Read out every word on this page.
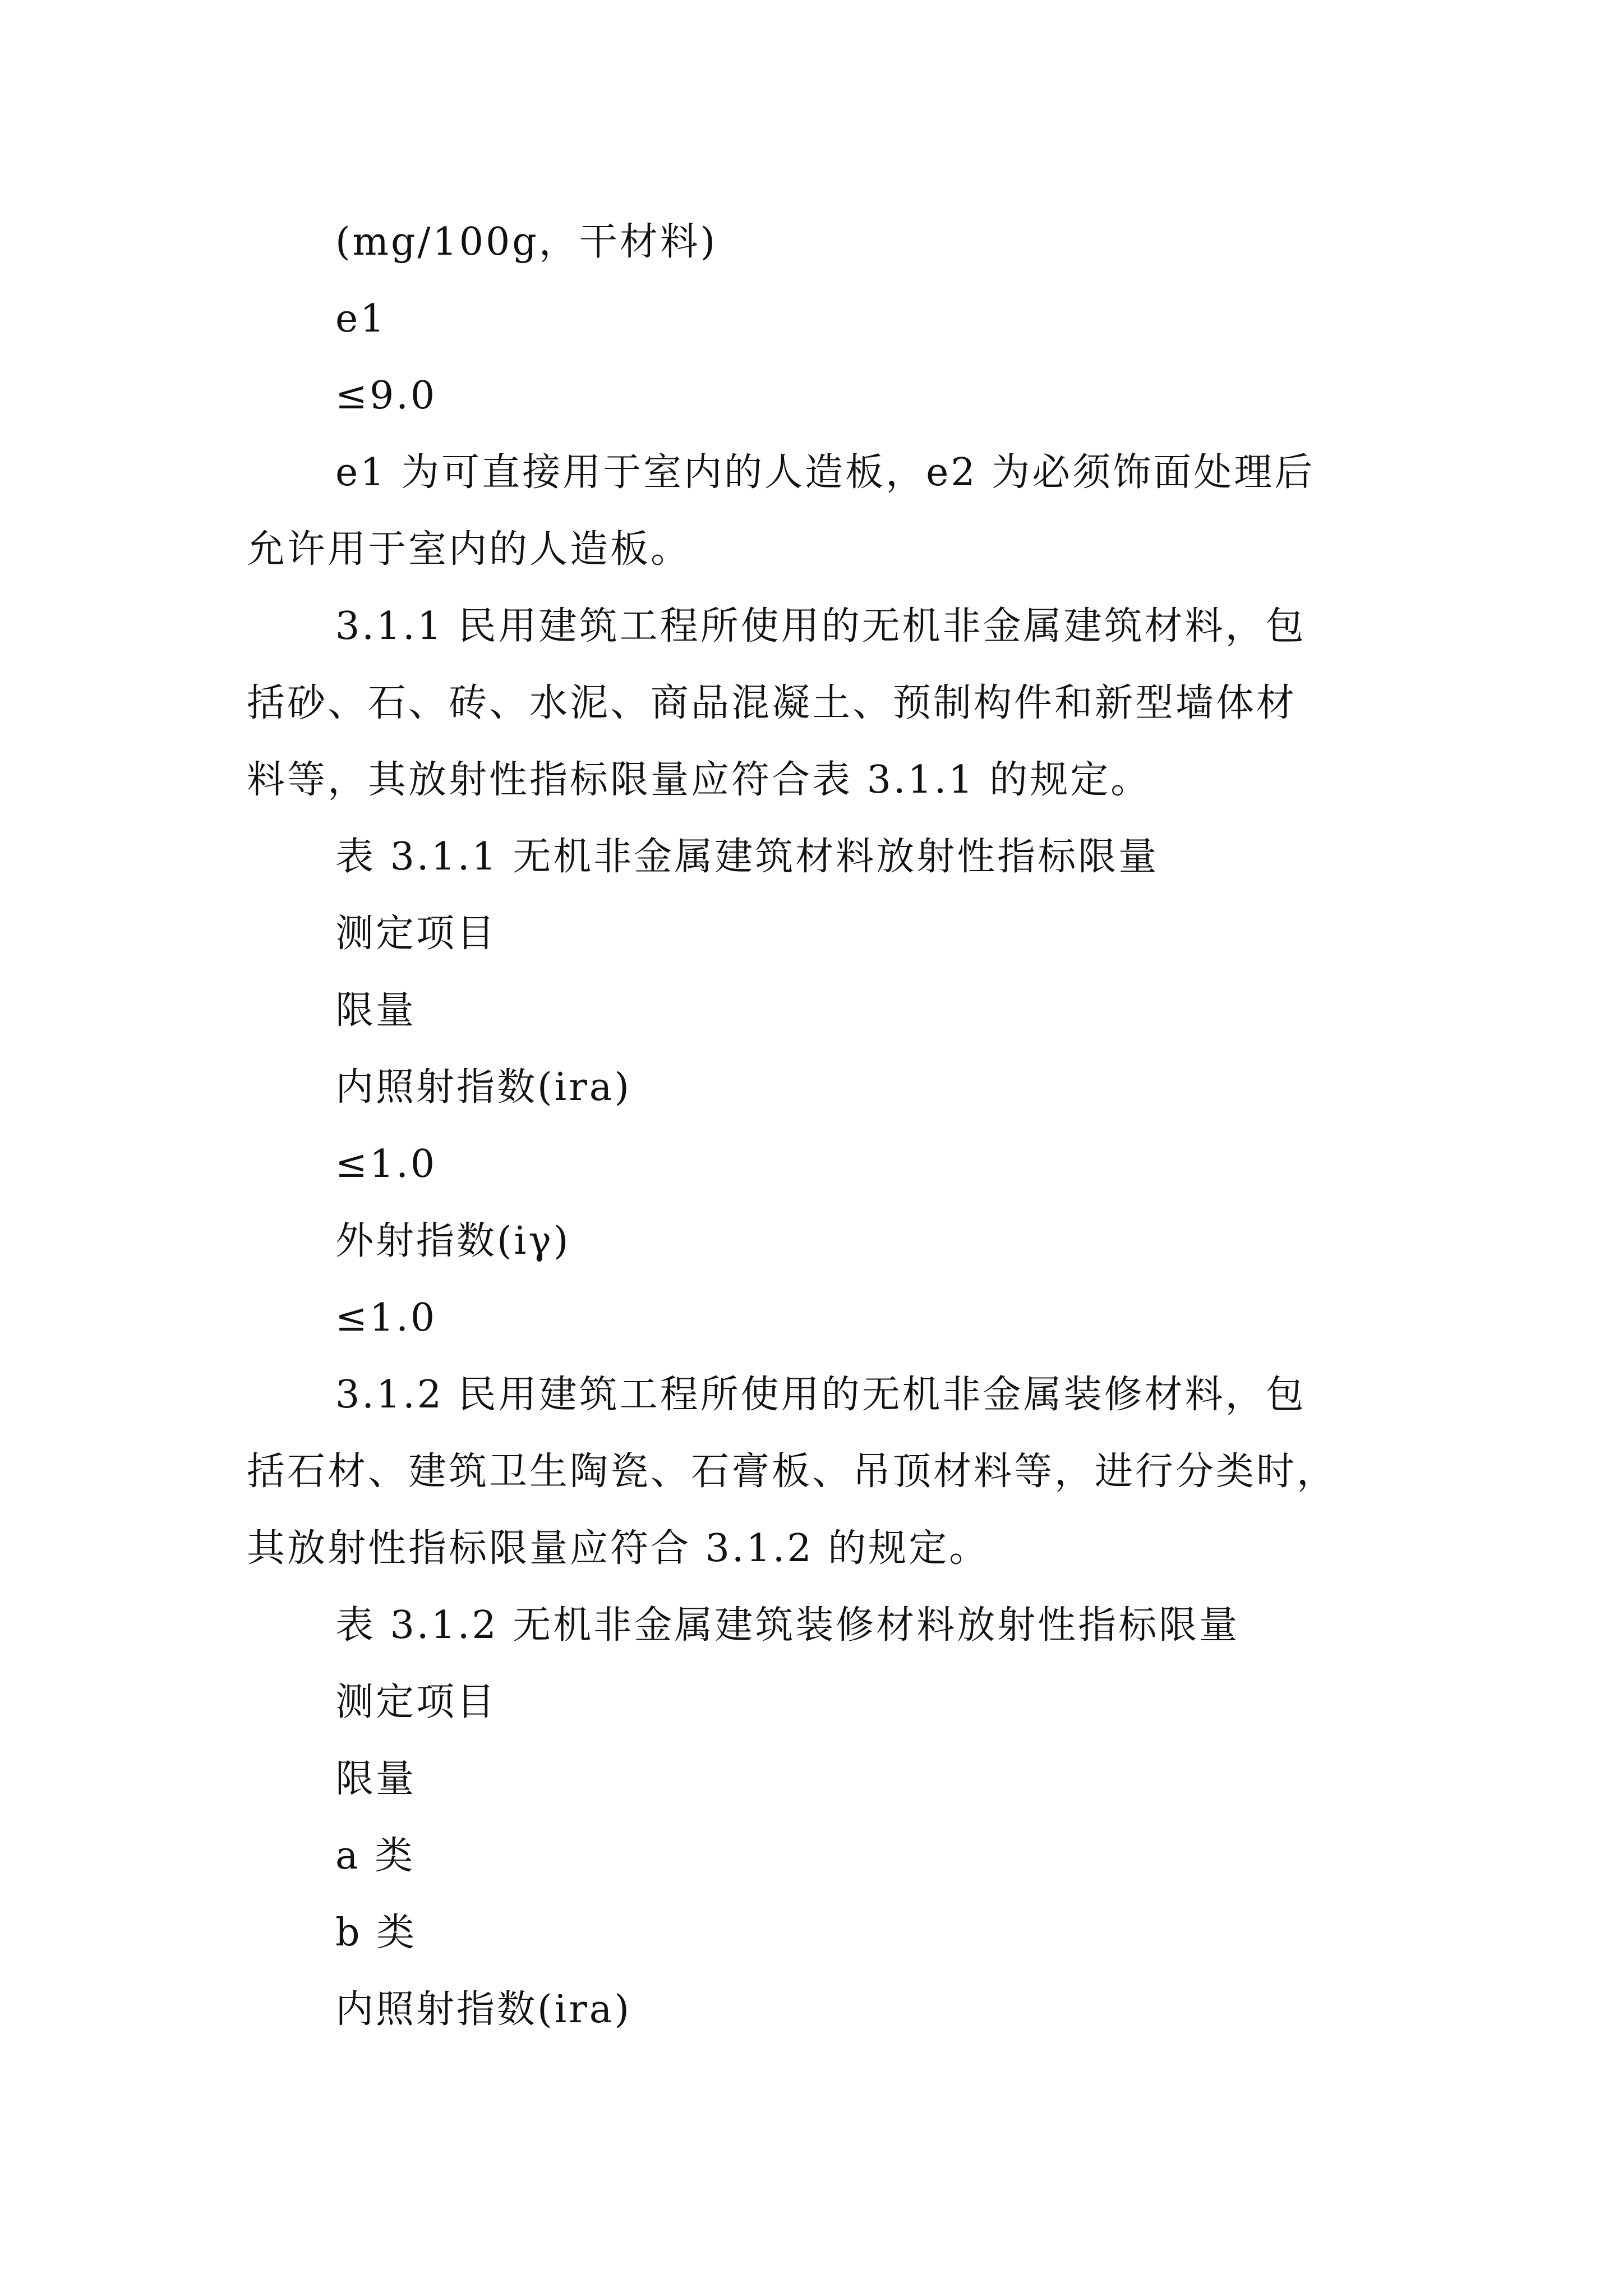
(mg/100g，干材料)
e1
≤9.0
e1 为可直接用于室内的人造板，e2 为必须饰面处理后
允许用于室内的人造板。
3.1.1 民用建筑工程所使用的无机非金属建筑材料，包
括砂、石、砖、水泥、商品混凝土、预制构件和新型墙体材
料等，其放射性指标限量应符合表 3.1.1 的规定。
表 3.1.1 无机非金属建筑材料放射性指标限量
测定项目
限量
内照射指数(ira)
≤1.0
外射指数(iγ)
≤1.0
3.1.2 民用建筑工程所使用的无机非金属装修材料，包
括石材、建筑卫生陶瓷、石膏板、吊顶材料等，进行分类时，
其放射性指标限量应符合 3.1.2 的规定。
表 3.1.2 无机非金属建筑装修材料放射性指标限量
测定项目
限量
a 类
b 类
内照射指数(ira)
